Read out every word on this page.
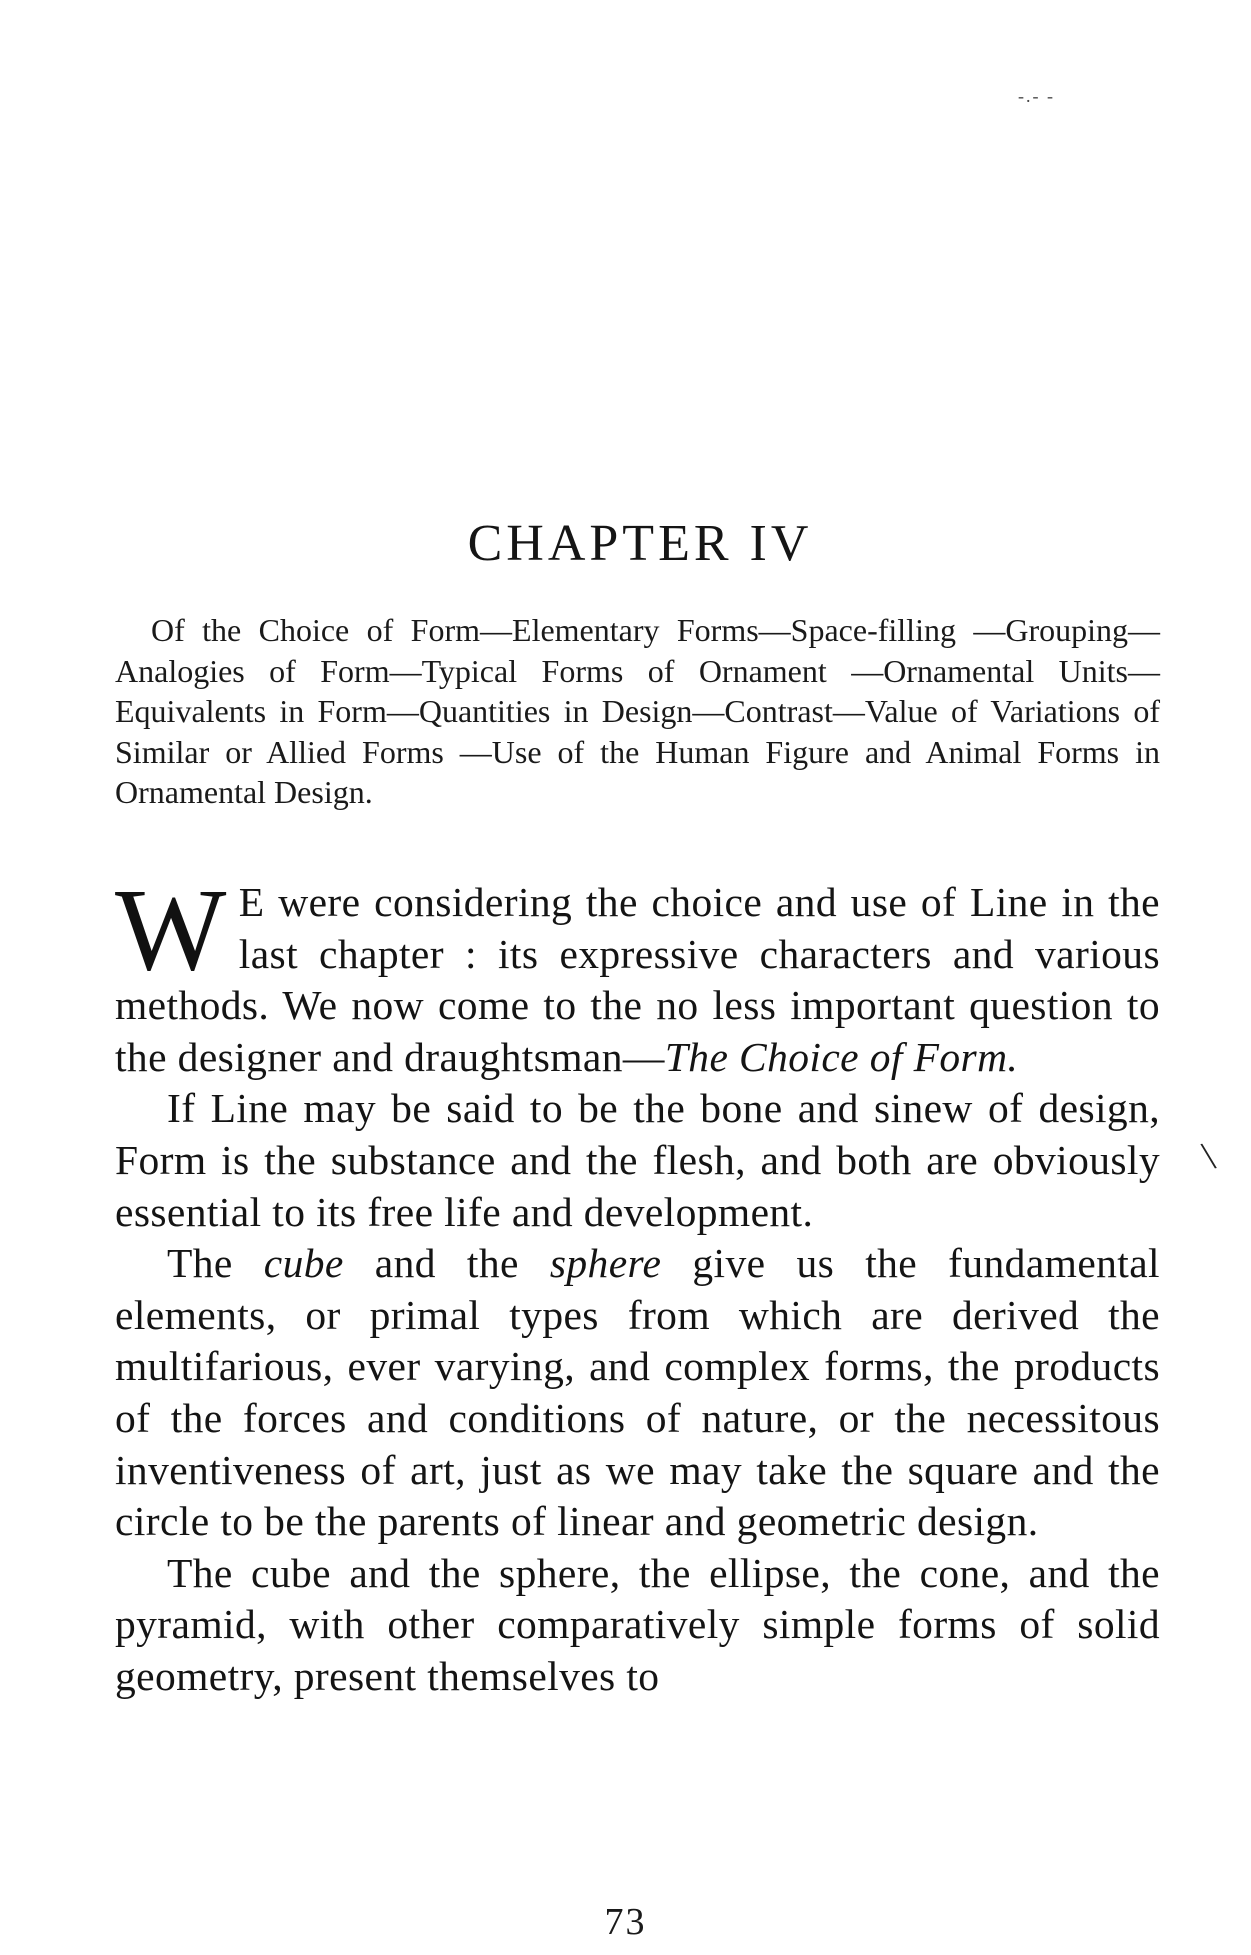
-.- -
CHAPTER IV
Of the Choice of Form—Elementary Forms—Space-filling —Grouping—Analogies of Form—Typical Forms of Ornament —Ornamental Units—Equivalents in Form—Quantities in Design—Contrast—Value of Variations of Similar or Allied Forms —Use of the Human Figure and Animal Forms in Ornamental Design.

W E were considering the choice and use of Line in the last chapter : its expressive characters and various methods. We now come to the no less important question to the designer and draughtsman—The Choice of Form.

If Line may be said to be the bone and sinew of design, Form is the substance and the flesh, and both are obviously essential to its free life and development.

The cube and the sphere give us the fundamental elements, or primal types from which are derived the multifarious, ever varying, and complex forms, the products of the forces and conditions of nature, or the necessitous inventiveness of art, just as we may take the square and the circle to be the parents of linear and geometric design.

The cube and the sphere, the ellipse, the cone, and the pyramid, with other comparatively simple forms of solid geometry, present themselves to

\
73
